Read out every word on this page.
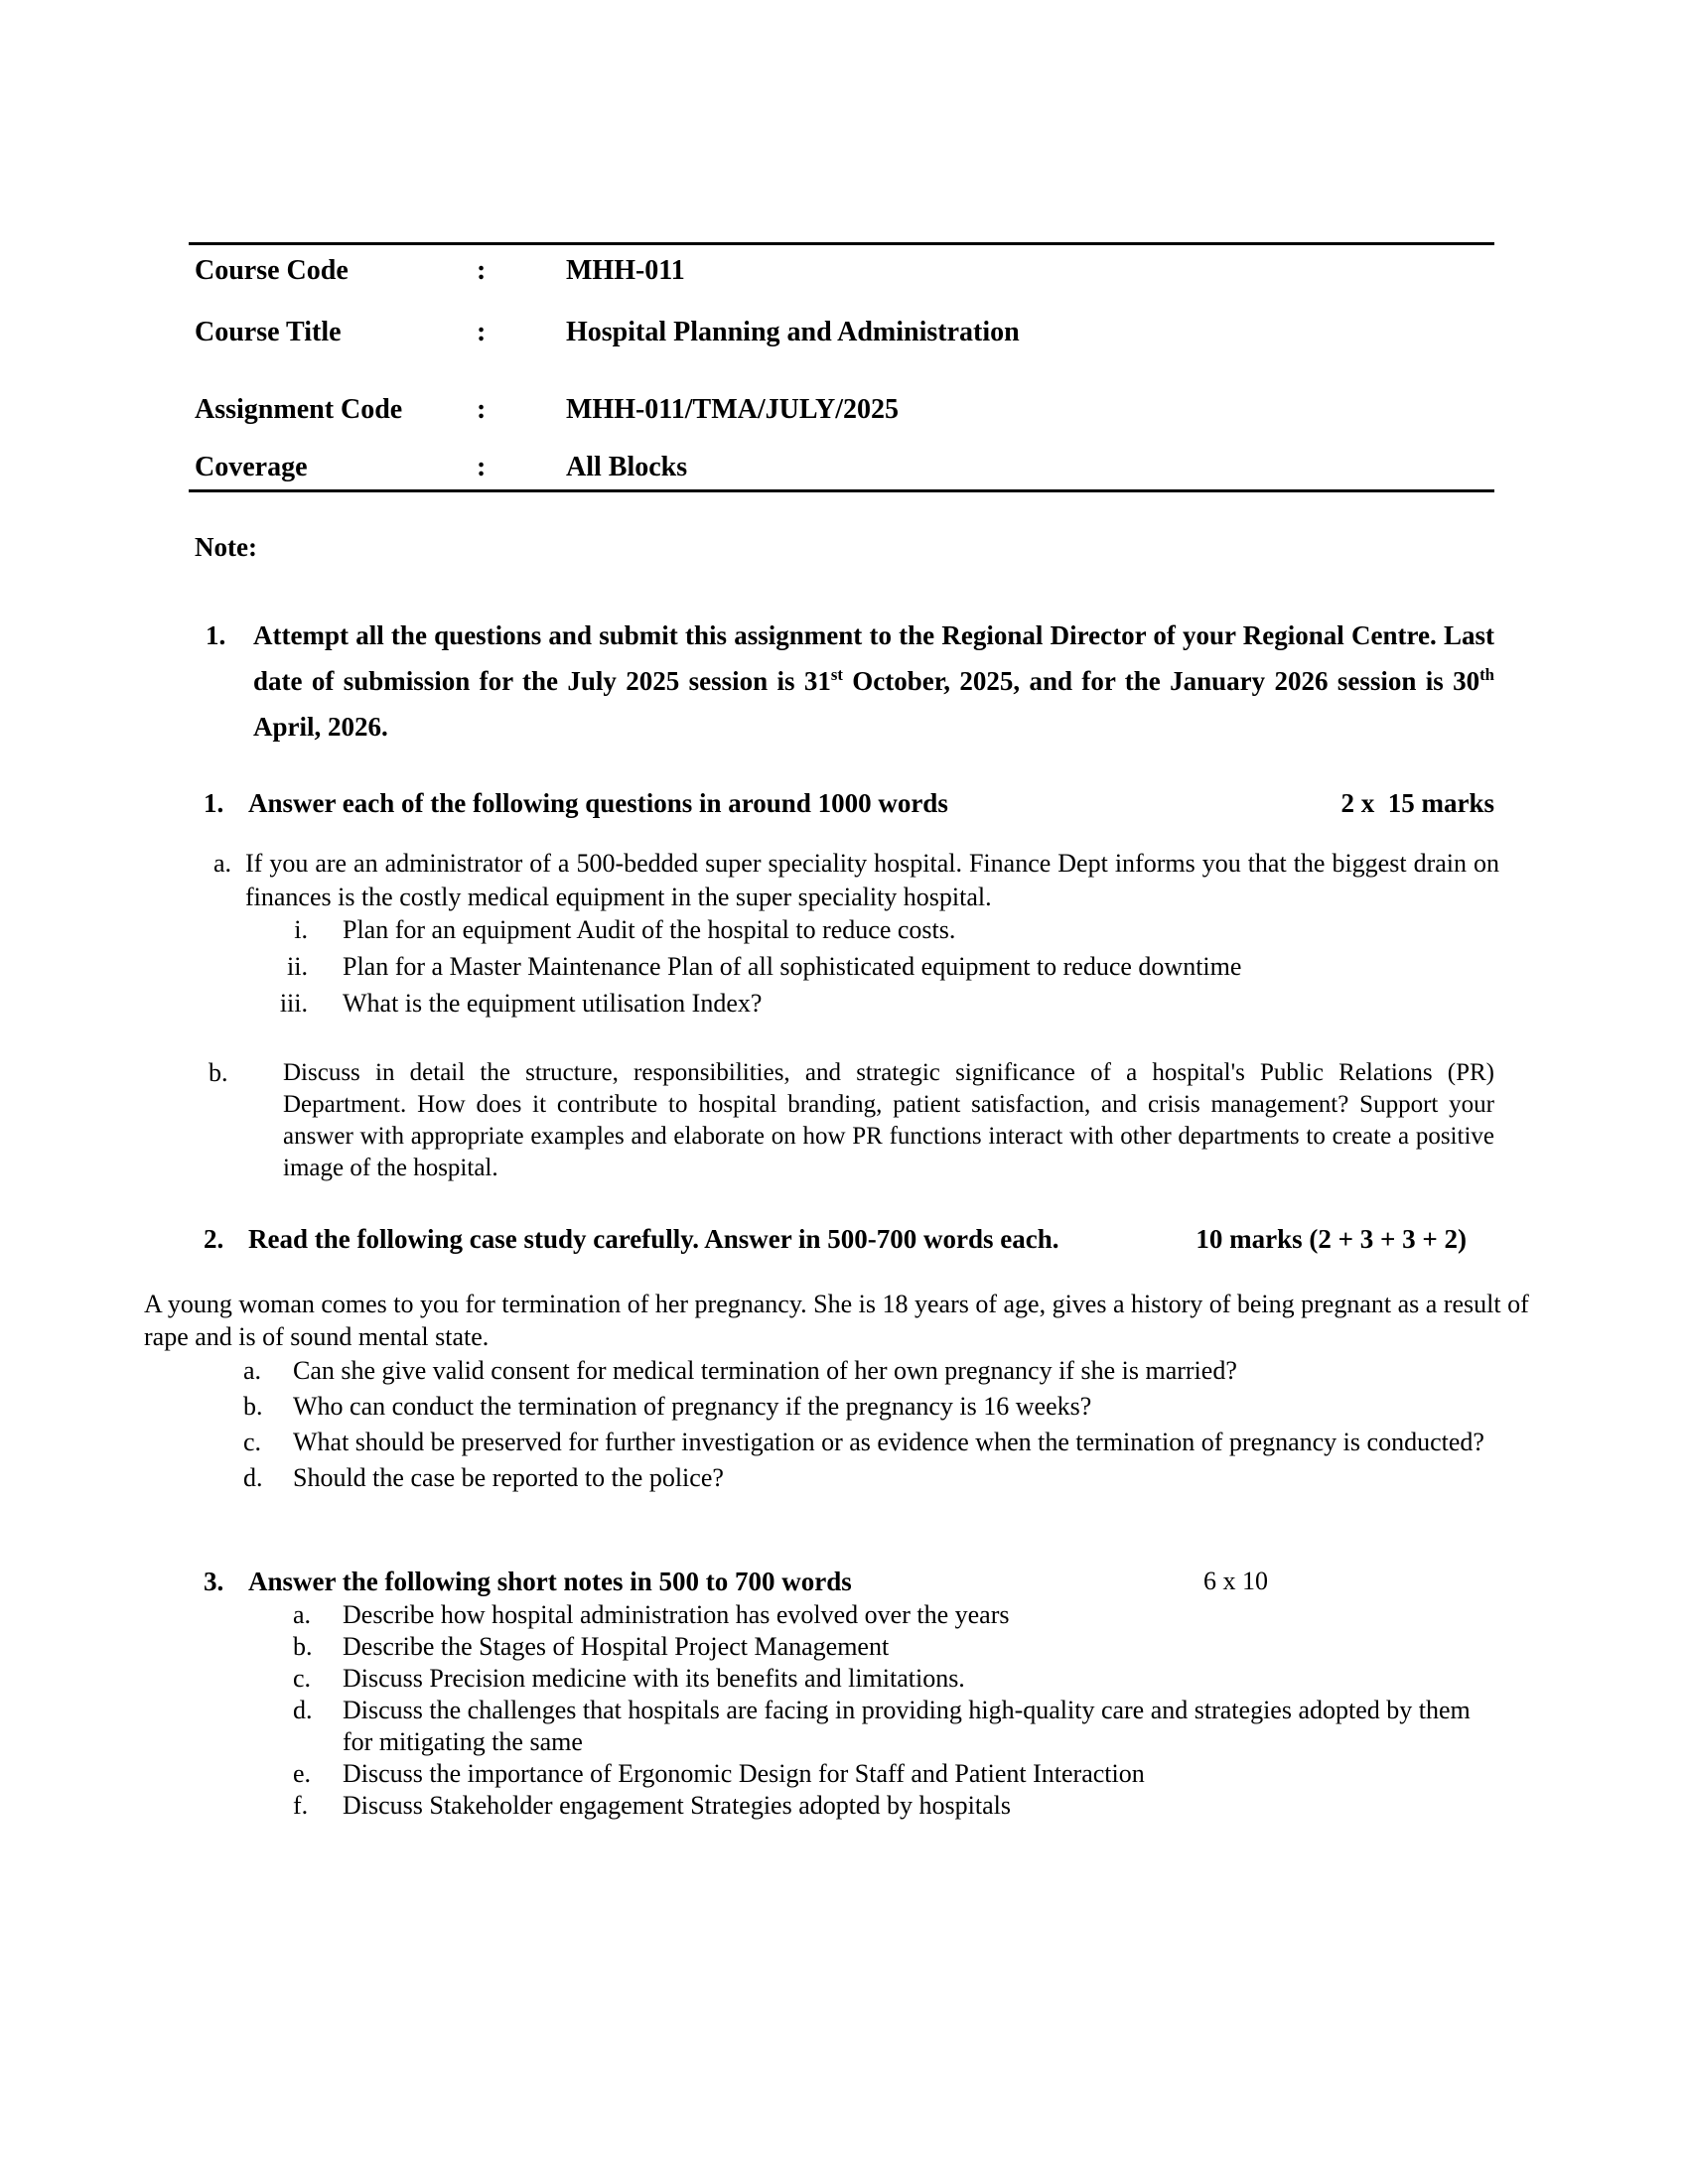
Course Code	:	MHH-011
Course Title	:	Hospital Planning and Administration
Assignment Code	:	MHH-011/TMA/JULY/2025
Coverage	:	All Blocks
Note:
1.	Attempt all the questions and submit this assignment to the Regional Director of your Regional Centre. Last date of submission for the July 2025 session is 31st October, 2025, and for the January 2026 session is 30th April, 2026.
1. Answer each of the following questions in around 1000 words	2 x  15 marks
a. If you are an administrator of a 500-bedded super speciality hospital. Finance Dept informs you that the biggest drain on finances is the costly medical equipment in the super speciality hospital.
i. Plan for an equipment Audit of the hospital to reduce costs.
ii. Plan for a Master Maintenance Plan of all sophisticated equipment to reduce downtime
iii. What is the equipment utilisation Index?
b.	Discuss in detail the structure, responsibilities, and strategic significance of a hospital's Public Relations (PR) Department. How does it contribute to hospital branding, patient satisfaction, and crisis management? Support your answer with appropriate examples and elaborate on how PR functions interact with other departments to create a positive image of the hospital.
2. Read the following case study carefully. Answer in 500-700 words each.	10 marks (2 + 3 + 3 + 2)
A young woman comes to you for termination of her pregnancy. She is 18 years of age, gives a history of being pregnant as a result of rape and is of sound mental state.
a.	Can she give valid consent for medical termination of her own pregnancy if she is married?
b.	Who can conduct the termination of pregnancy if the pregnancy is 16 weeks?
c.	What should be preserved for further investigation or as evidence when the termination of pregnancy is conducted?
d.	Should the case be reported to the police?
3. Answer the following short notes in 500 to 700 words	6 x 10
a.	Describe how hospital administration has evolved over the years
b.	Describe the Stages of Hospital Project Management
c.	Discuss Precision medicine with its benefits and limitations.
d.	Discuss the challenges that hospitals are facing in providing high-quality care and strategies adopted by them for mitigating the same
e.	Discuss the importance of Ergonomic Design for Staff and Patient Interaction
f.	Discuss Stakeholder engagement Strategies adopted by hospitals
